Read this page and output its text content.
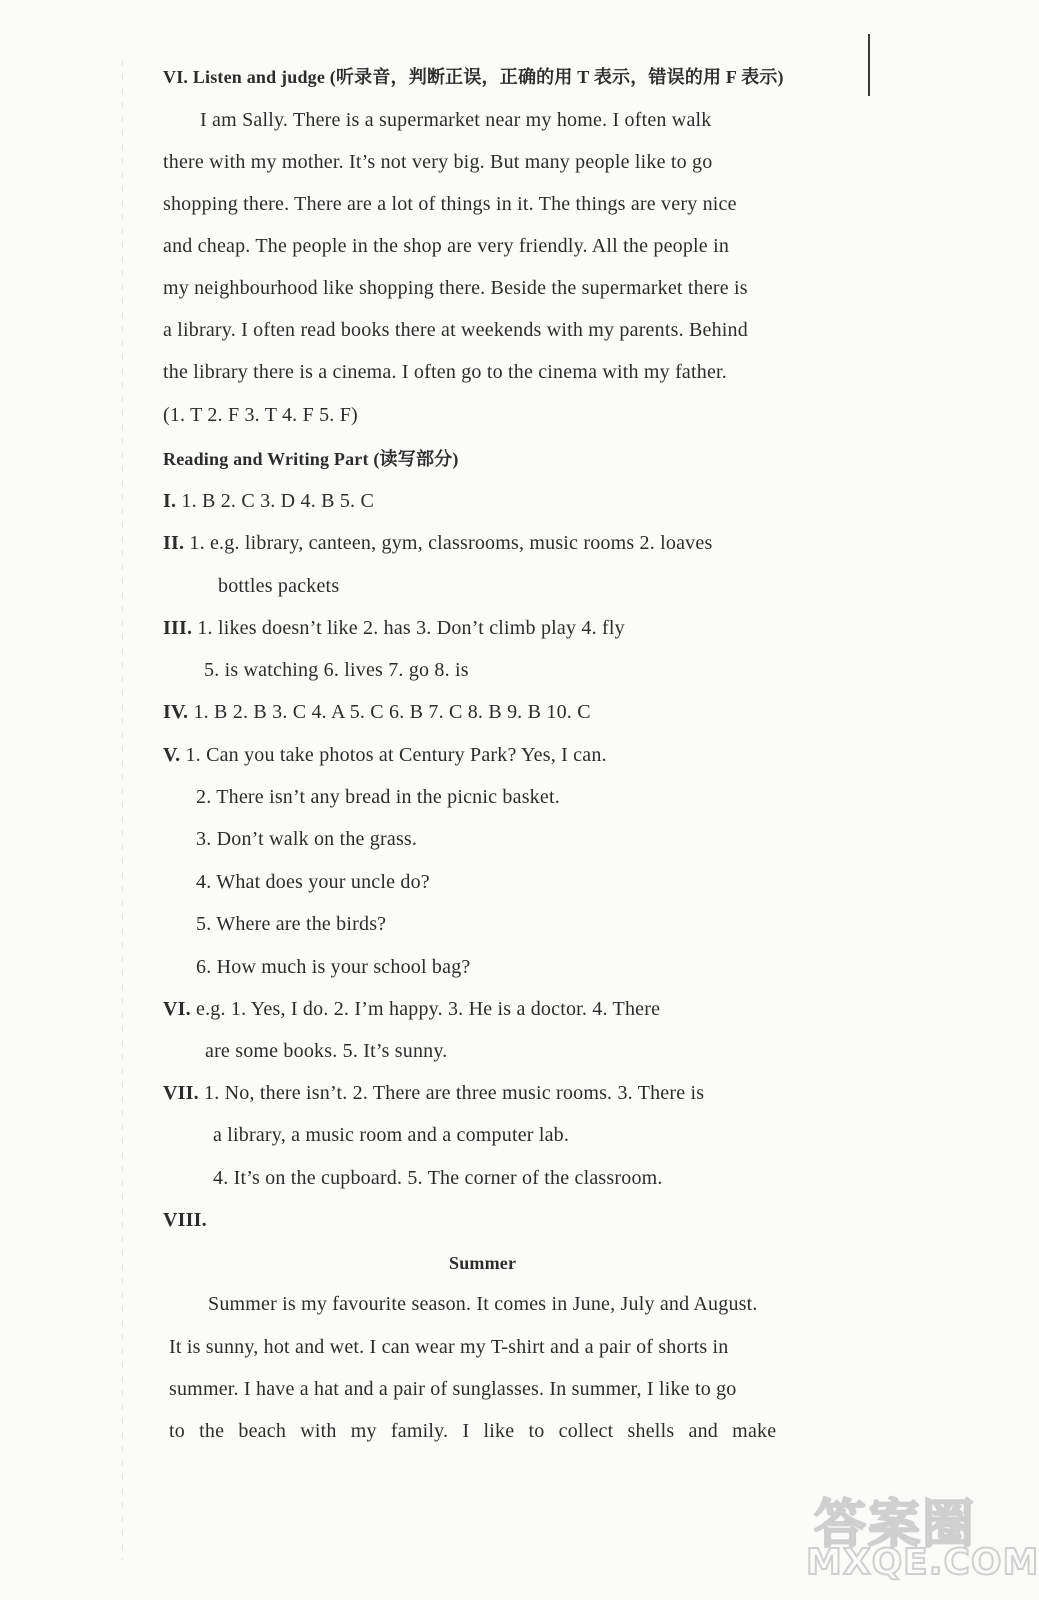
VI. Listen and judge (听录音，判断正误，正确的用 T 表示，错误的用 F 表示)
I am Sally. There is a supermarket near my home. I often walk
there with my mother. It’s not very big. But many people like to go
shopping there. There are a lot of things in it. The things are very nice
and cheap. The people in the shop are very friendly. All the people in
my neighbourhood like shopping there. Beside the supermarket there is
a library. I often read books there at weekends with my parents. Behind
the library there is a cinema. I often go to the cinema with my father.
(1. T 2. F 3. T 4. F 5. F)
Reading and Writing Part (读写部分)
I. 1. B 2. C 3. D 4. B 5. C
II. 1. e.g. library, canteen, gym, classrooms, music rooms 2. loaves
bottles packets
III. 1. likes doesn’t like 2. has 3. Don’t climb play 4. fly
5. is watching 6. lives 7. go 8. is
IV. 1. B 2. B 3. C 4. A 5. C 6. B 7. C 8. B 9. B 10. C
V. 1. Can you take photos at Century Park? Yes, I can.
2. There isn’t any bread in the picnic basket.
3. Don’t walk on the grass.
4. What does your uncle do?
5. Where are the birds?
6. How much is your school bag?
VI. e.g. 1. Yes, I do. 2. I’m happy. 3. He is a doctor. 4. There
are some books. 5. It’s sunny.
VII. 1. No, there isn’t. 2. There are three music rooms. 3. There is
a library, a music room and a computer lab.
4. It’s on the cupboard. 5. The corner of the classroom.
VIII.
Summer
Summer is my favourite season. It comes in June, July and August.
It is sunny, hot and wet. I can wear my T-shirt and a pair of shorts in
summer. I have a hat and a pair of sunglasses. In summer, I like to go
to the beach with my family. I like to collect shells and make
答案圈
MXQE.COM
